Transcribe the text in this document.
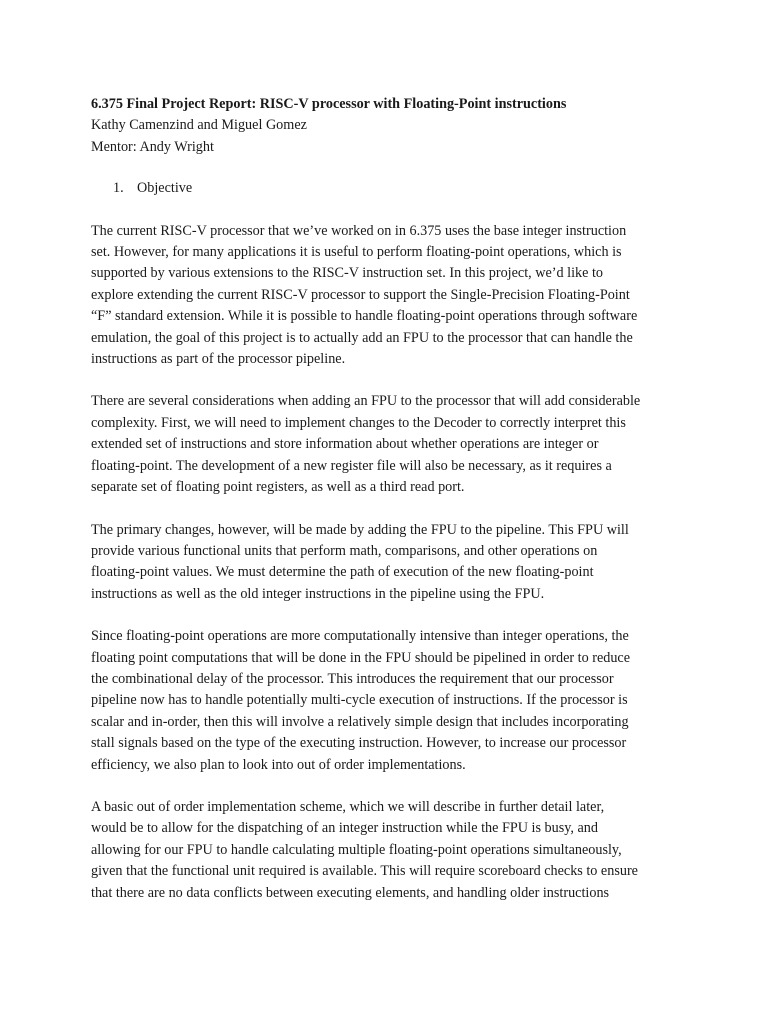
6.375 Final Project Report: RISC-V processor with Floating-Point instructions
Kathy Camenzind and Miguel Gomez
Mentor: Andy Wright
1. Objective
The current RISC-V processor that we’ve worked on in 6.375 uses the base integer instruction
set. However, for many applications it is useful to perform floating-point operations, which is
supported by various extensions to the RISC-V instruction set. In this project, we’d like to
explore extending the current RISC-V processor to support the Single-Precision Floating-Point
“F” standard extension. While it is possible to handle floating-point operations through software
emulation, the goal of this project is to actually add an FPU to the processor that can handle the
instructions as part of the processor pipeline.
There are several considerations when adding an FPU to the processor that will add considerable
complexity. First, we will need to implement changes to the Decoder to correctly interpret this
extended set of instructions and store information about whether operations are integer or
floating-point. The development of a new register file will also be necessary, as it requires a
separate set of floating point registers, as well as a third read port.
The primary changes, however, will be made by adding the FPU to the pipeline. This FPU will
provide various functional units that perform math, comparisons, and other operations on
floating-point values. We must determine the path of execution of the new floating-point
instructions as well as the old integer instructions in the pipeline using the FPU.
Since floating-point operations are more computationally intensive than integer operations, the
floating point computations that will be done in the FPU should be pipelined in order to reduce
the combinational delay of the processor. This introduces the requirement that our processor
pipeline now has to handle potentially multi-cycle execution of instructions. If the processor is
scalar and in-order, then this will involve a relatively simple design that includes incorporating
stall signals based on the type of the executing instruction. However, to increase our processor
efficiency, we also plan to look into out of order implementations.
A basic out of order implementation scheme, which we will describe in further detail later,
would be to allow for the dispatching of an integer instruction while the FPU is busy, and
allowing for our FPU to handle calculating multiple floating-point operations simultaneously,
given that the functional unit required is available. This will require scoreboard checks to ensure
that there are no data conflicts between executing elements, and handling older instructions
